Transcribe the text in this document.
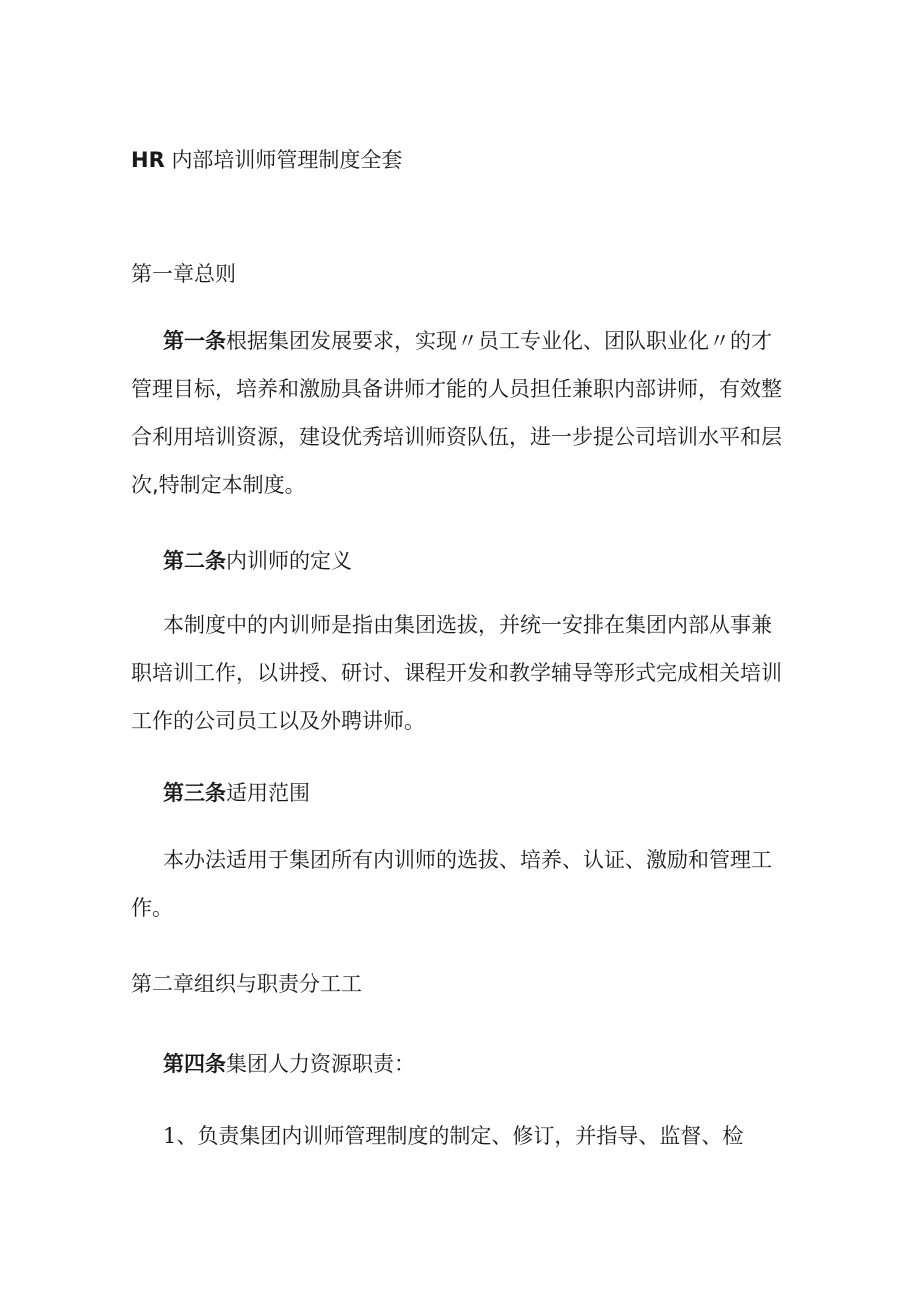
HR 内部培训师管理制度全套
第一章总则
第一条根据集团发展要求，实现〃员工专业化、团队职业化〃的才管理目标，培养和激励具备讲师才能的人员担任兼职内部讲师，有效整合利用培训资源，建设优秀培训师资队伍，进一步提公司培训水平和层次,特制定本制度。
第二条内训师的定义
本制度中的内训师是指由集团选拔，并统一安排在集团内部从事兼职培训工作，以讲授、研讨、课程开发和教学辅导等形式完成相关培训工作的公司员工以及外聘讲师。
第三条适用范围
本办法适用于集团所有内训师的选拔、培养、认证、激励和管理工作。
第二章组织与职责分工工
第四条集团人力资源职责：
1、负责集团内训师管理制度的制定、修订，并指导、监督、检
